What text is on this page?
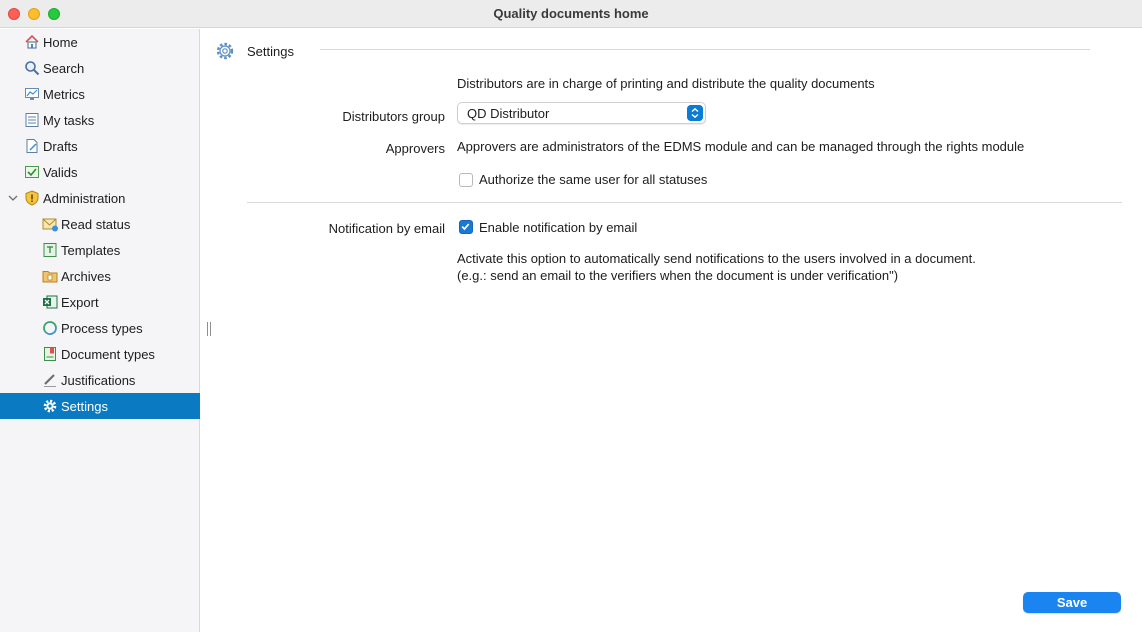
Quality documents home
Home
Search
Metrics
My tasks
Drafts
Valids
Administration
Read status
Templates
Archives
Export
Process types
Document types
Justifications
Settings
Settings
Distributors are in charge of printing and distribute the quality documents
Distributors group QD Distributor
Approvers Approvers are administrators of the EDMS module and can be managed through the rights module
Authorize the same user for all statuses
Notification by email	Enable notification by email
Activate this option to automatically send notifications to the users involved in a document.
(e.g.: send an email to the verifiers when the document is under verification")
Save
